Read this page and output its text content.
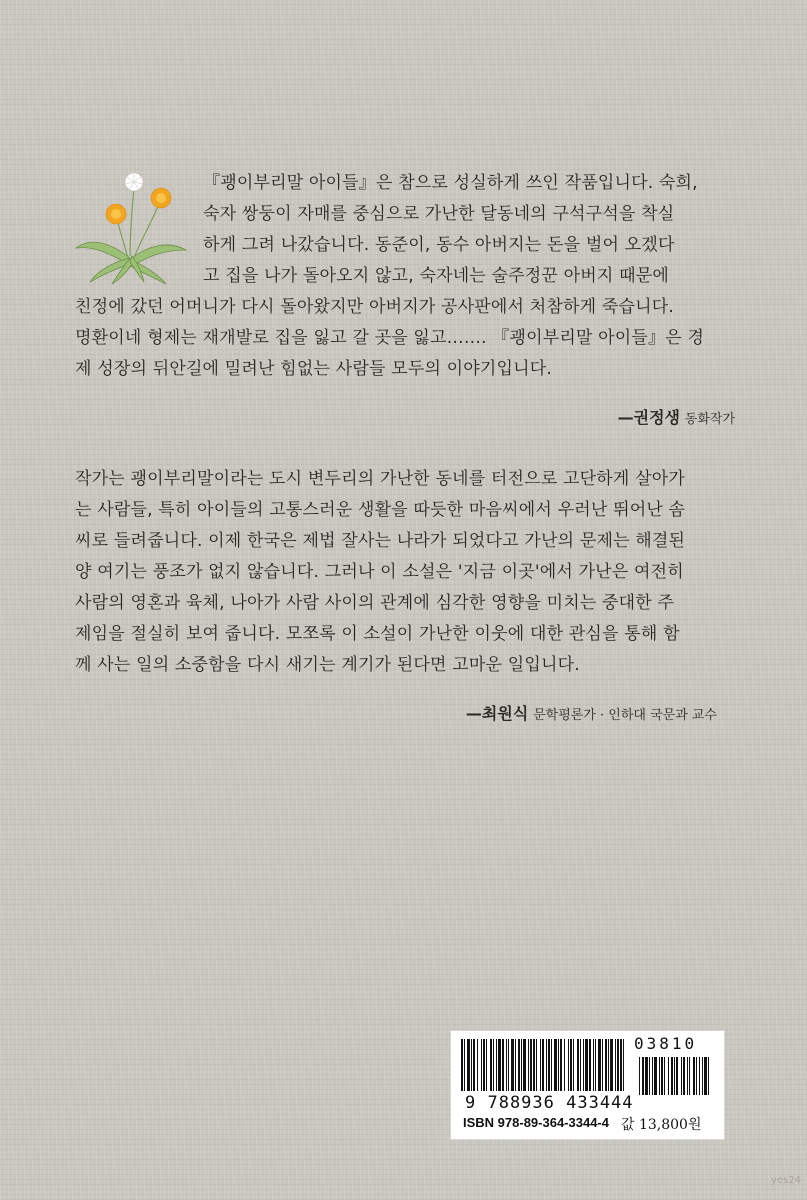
『괭이부리말 아이들』은 참으로 성실하게 쓰인 작품입니다. 숙희,
숙자 쌍둥이 자매를 중심으로 가난한 달동네의 구석구석을 착실
하게 그려 나갔습니다. 동준이, 동수 아버지는 돈을 벌어 오겠다
고 집을 나가 돌아오지 않고, 숙자네는 술주정꾼 아버지 때문에
친정에 갔던 어머니가 다시 돌아왔지만 아버지가 공사판에서 처참하게 죽습니다.
명환이네 형제는 재개발로 집을 잃고 갈 곳을 잃고……. 『괭이부리말 아이들』은 경
제 성장의 뒤안길에 밀려난 힘없는 사람들 모두의 이야기입니다.
—권정생 동화작가
작가는 괭이부리말이라는 도시 변두리의 가난한 동네를 터전으로 고단하게 살아가
는 사람들, 특히 아이들의 고통스러운 생활을 따듯한 마음씨에서 우러난 뛰어난 솜
씨로 들려줍니다. 이제 한국은 제법 잘사는 나라가 되었다고 가난의 문제는 해결된
양 여기는 풍조가 없지 않습니다. 그러나 이 소설은 '지금 이곳'에서 가난은 여전히
사람의 영혼과 육체, 나아가 사람 사이의 관계에 심각한 영향을 미치는 중대한 주
제임을 절실히 보여 줍니다. 모쪼록 이 소설이 가난한 이웃에 대한 관심을 통해 함
께 사는 일의 소중함을 다시 새기는 계기가 된다면 고마운 일입니다.
—최원식 문학평론가 · 인하대 국문과 교수
03810
9 788936 433444
ISBN 978-89-364-3344-4 값 13,800원
yes24
